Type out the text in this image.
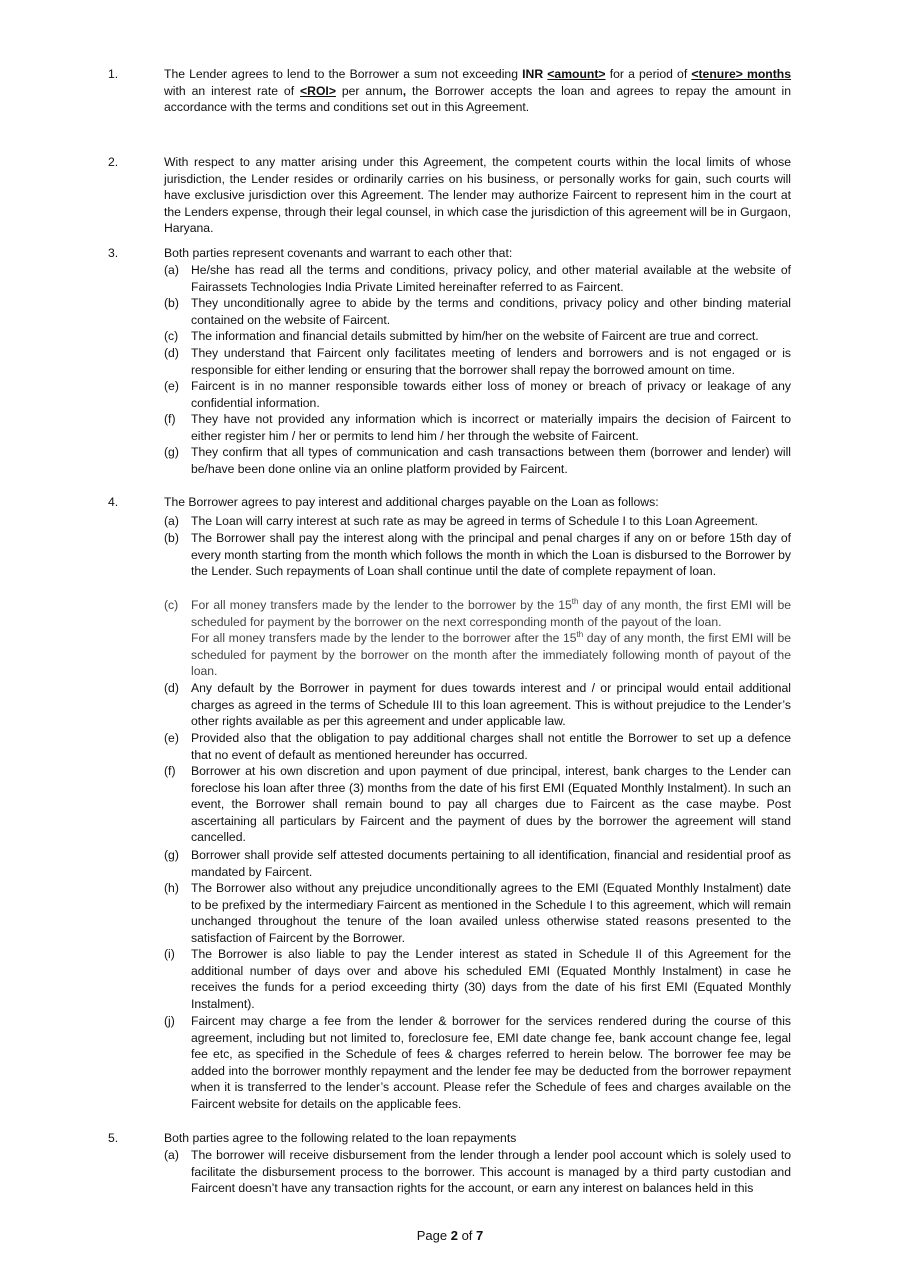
1.	The Lender agrees to lend to the Borrower a sum not exceeding INR <amount> for a period of <tenure> months with an interest rate of <ROI> per annum, the Borrower accepts the loan and agrees to repay the amount in accordance with the terms and conditions set out in this Agreement.
2.	With respect to any matter arising under this Agreement, the competent courts within the local limits of whose jurisdiction, the Lender resides or ordinarily carries on his business, or personally works for gain, such courts will have exclusive jurisdiction over this Agreement. The lender may authorize Faircent to represent him in the court at the Lenders expense, through their legal counsel, in which case the jurisdiction of this agreement will be in Gurgaon, Haryana.
3.	Both parties represent covenants and warrant to each other that:
(a) He/she has read all the terms and conditions, privacy policy, and other material available at the website of Fairassets Technologies India Private Limited hereinafter referred to as Faircent.
(b) They unconditionally agree to abide by the terms and conditions, privacy policy and other binding material contained on the website of Faircent.
(c) The information and financial details submitted by him/her on the website of Faircent are true and correct.
(d) They understand that Faircent only facilitates meeting of lenders and borrowers and is not engaged or is responsible for either lending or ensuring that the borrower shall repay the borrowed amount on time.
(e) Faircent is in no manner responsible towards either loss of money or breach of privacy or leakage of any confidential information.
(f) They have not provided any information which is incorrect or materially impairs the decision of Faircent to either register him / her or permits to lend him / her through the website of Faircent.
(g) They confirm that all types of communication and cash transactions between them (borrower and lender) will be/have been done online via an online platform provided by Faircent.
4.	The Borrower agrees to pay interest and additional charges payable on the Loan as follows:
(a) The Loan will carry interest at such rate as may be agreed in terms of Schedule I to this Loan Agreement.
(b) The Borrower shall pay the interest along with the principal and penal charges if any on or before 15th day of every month starting from the month which follows the month in which the Loan is disbursed to the Borrower by the Lender. Such repayments of Loan shall continue until the date of complete repayment of loan.
(c) For all money transfers made by the lender to the borrower by the 15th day of any month, the first EMI will be scheduled for payment by the borrower on the next corresponding month of the payout of the loan.
For all money transfers made by the lender to the borrower after the 15th day of any month, the first EMI will be scheduled for payment by the borrower on the month after the immediately following month of payout of the loan.
(d) Any default by the Borrower in payment for dues towards interest and / or principal would entail additional charges as agreed in the terms of Schedule III to this loan agreement. This is without prejudice to the Lender’s other rights available as per this agreement and under applicable law.
(e) Provided also that the obligation to pay additional charges shall not entitle the Borrower to set up a defence that no event of default as mentioned hereunder has occurred.
(f) Borrower at his own discretion and upon payment of due principal, interest, bank charges to the Lender can foreclose his loan after three (3) months from the date of his first EMI (Equated Monthly Instalment). In such an event, the Borrower shall remain bound to pay all charges due to Faircent as the case maybe. Post ascertaining all particulars by Faircent and the payment of dues by the borrower the agreement will stand cancelled.
(g) Borrower shall provide self attested documents pertaining to all identification, financial and residential proof as mandated by Faircent.
(h) The Borrower also without any prejudice unconditionally agrees to the EMI (Equated Monthly Instalment) date to be prefixed by the intermediary Faircent as mentioned in the Schedule I to this agreement, which will remain unchanged throughout the tenure of the loan availed unless otherwise stated reasons presented to the satisfaction of Faircent by the Borrower.
(i) The Borrower is also liable to pay the Lender interest as stated in Schedule II of this Agreement for the additional number of days over and above his scheduled EMI (Equated Monthly Instalment) in case he receives the funds for a period exceeding thirty (30) days from the date of his first EMI (Equated Monthly Instalment).
(j) Faircent may charge a fee from the lender & borrower for the services rendered during the course of this agreement, including but not limited to, foreclosure fee, EMI date change fee, bank account change fee, legal fee etc, as specified in the Schedule of fees & charges referred to herein below. The borrower fee may be added into the borrower monthly repayment and the lender fee may be deducted from the borrower repayment when it is transferred to the lender’s account. Please refer the Schedule of fees and charges available on the Faircent website for details on the applicable fees.
5.	Both parties agree to the following related to the loan repayments
(a) The borrower will receive disbursement from the lender through a lender pool account which is solely used to facilitate the disbursement process to the borrower. This account is managed by a third party custodian and Faircent doesn’t have any transaction rights for the account, or earn any interest on balances held in this
Page 2 of 7
